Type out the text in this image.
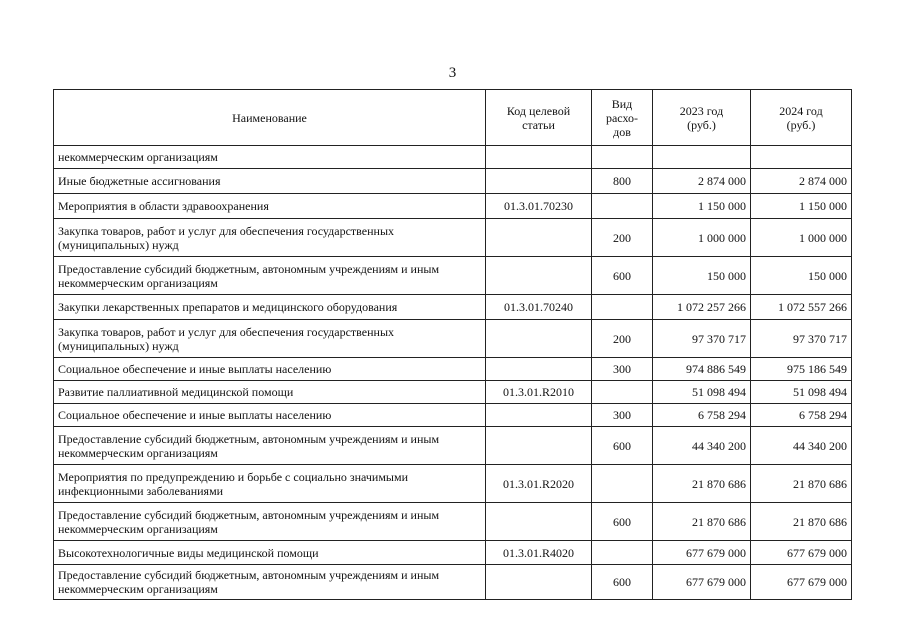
3
Наименование	Код целевой статьи	Вид расхо-дов	2023 год (руб.)	2024 год (руб.)
некоммерческим организациям				
Иные бюджетные ассигнования		800	2 874 000	2 874 000
Мероприятия в области здравоохранения	01.3.01.70230		1 150 000	1 150 000
Закупка товаров, работ и услуг для обеспечения государственных (муниципальных) нужд		200	1 000 000	1 000 000
Предоставление субсидий бюджетным, автономным учреждениям и иным некоммерческим организациям		600	150 000	150 000
Закупки лекарственных препаратов и медицинского оборудования	01.3.01.70240		1 072 257 266	1 072 557 266
Закупка товаров, работ и услуг для обеспечения государственных (муниципальных) нужд		200	97 370 717	97 370 717
Социальное обеспечение и иные выплаты населению		300	974 886 549	975 186 549
Развитие паллиативной медицинской помощи	01.3.01.R2010		51 098 494	51 098 494
Социальное обеспечение и иные выплаты населению		300	6 758 294	6 758 294
Предоставление субсидий бюджетным, автономным учреждениям и иным некоммерческим организациям		600	44 340 200	44 340 200
Мероприятия по предупреждению и борьбе с социально значимыми инфекционными заболеваниями	01.3.01.R2020		21 870 686	21 870 686
Предоставление субсидий бюджетным, автономным учреждениям и иным некоммерческим организациям		600	21 870 686	21 870 686
Высокотехнологичные виды медицинской помощи	01.3.01.R4020		677 679 000	677 679 000
Предоставление субсидий бюджетным, автономным учреждениям и иным некоммерческим организациям		600	677 679 000	677 679 000
